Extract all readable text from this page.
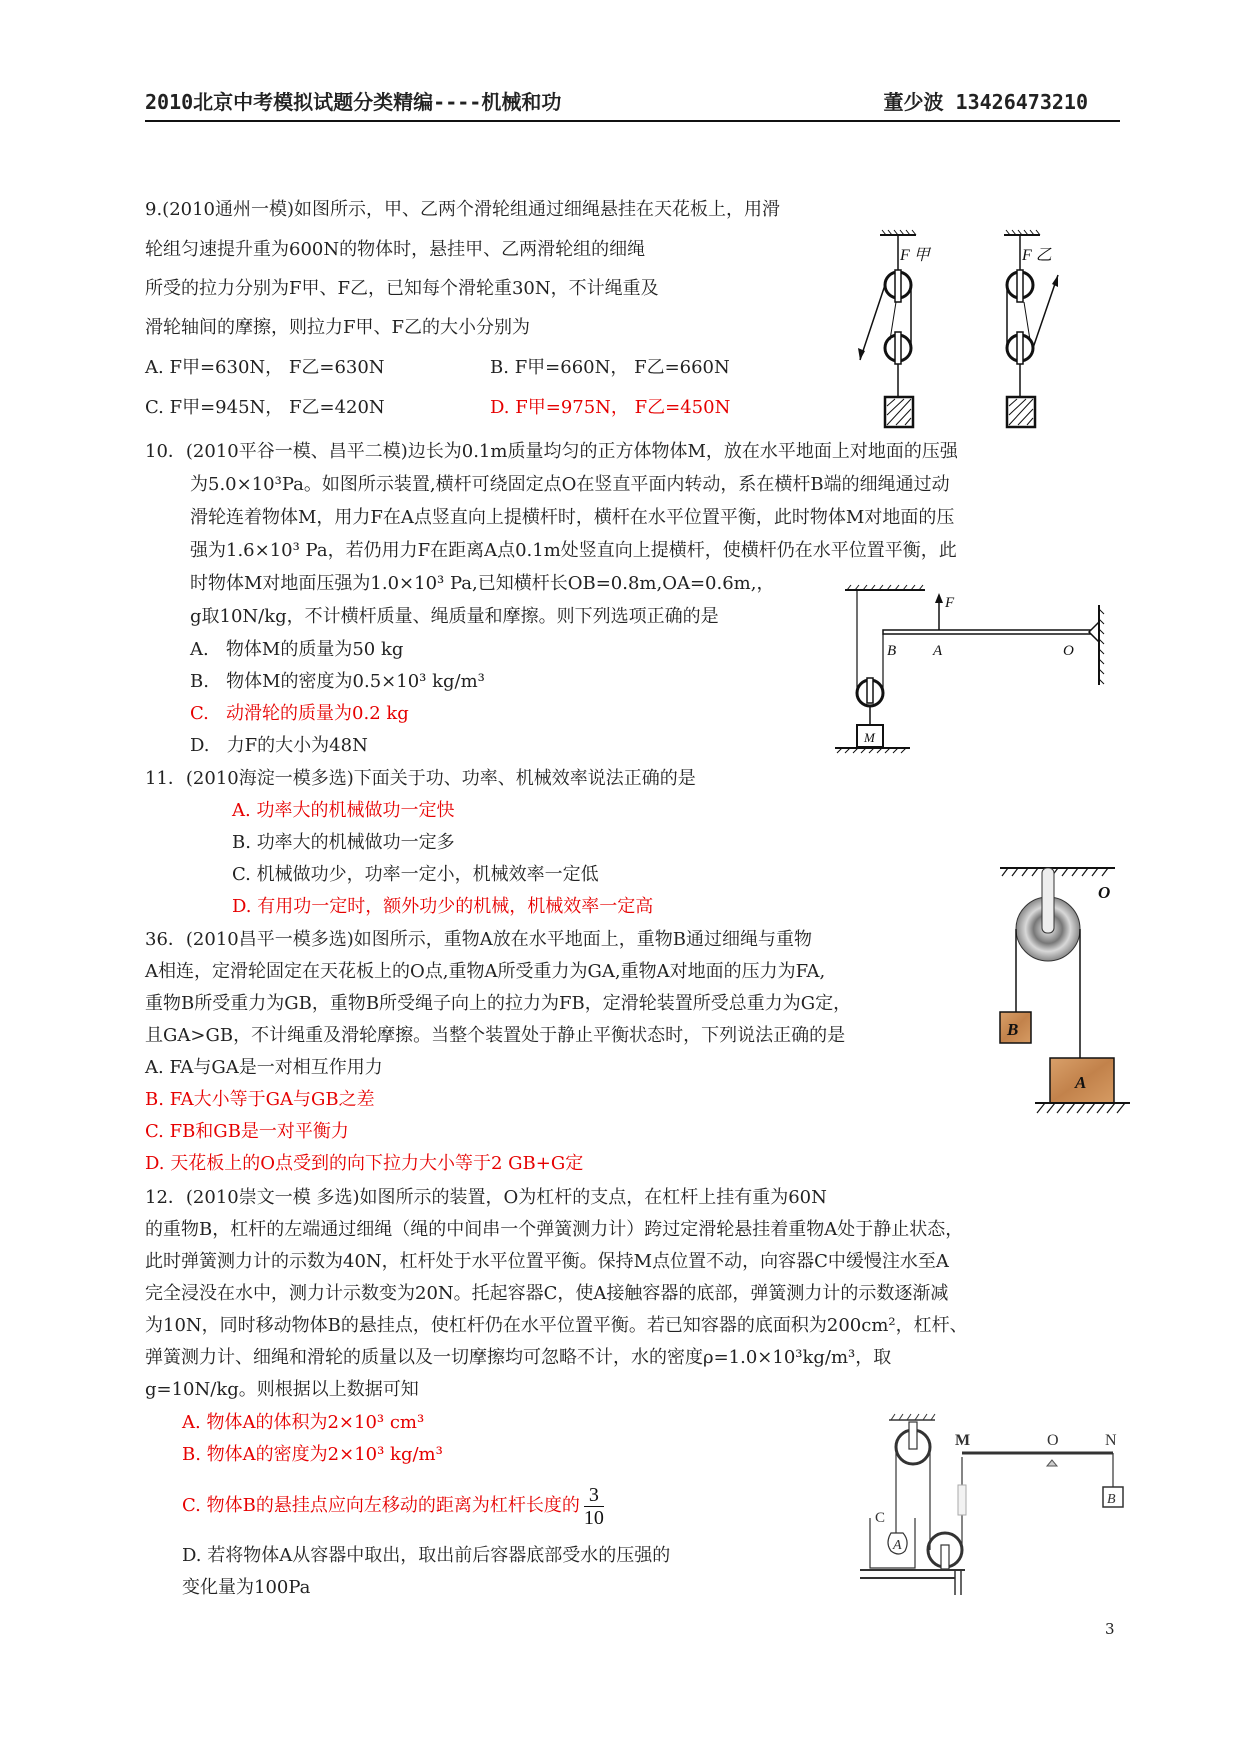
2010北京中考模拟试题分类精编----机械和功	董少波 13426473210
9.(2010通州一模)如图所示，甲、乙两个滑轮组通过细绳悬挂在天花板上，用滑
轮组匀速提升重为600N的物体时，悬挂甲、乙两滑轮组的细绳
所受的拉力分别为F甲、F乙，已知每个滑轮重30N，不计绳重及
滑轮轴间的摩擦，则拉力F甲、F乙的大小分别为
A. F甲=630N， F乙=630N	B. F甲=660N， F乙=660N
C. F甲=945N， F乙=420N	D. F甲=975N， F乙=450N
F 甲	F 乙
10．(2010平谷一模、昌平二模)边长为0.1m质量均匀的正方体物体M，放在水平地面上对地面的压强
为5.0×10³Pa。如图所示装置,横杆可绕固定点O在竖直平面内转动，系在横杆B端的细绳通过动
滑轮连着物体M，用力F在A点竖直向上提横杆时，横杆在水平位置平衡，此时物体M对地面的压
强为1.6×10³ Pa，若仍用力F在距离A点0.1m处竖直向上提横杆，使横杆仍在水平位置平衡，此
时物体M对地面压强为1.0×10³ Pa,已知横杆长OB=0.8m,OA=0.6m,，
g取10N/kg，不计横杆质量、绳质量和摩擦。则下列选项正确的是
A. 物体M的质量为50 kg
B. 物体M的密度为0.5×10³ kg/m³
C. 动滑轮的质量为0.2 kg
D. 力F的大小为48N
F
B A	O
M
11．(2010海淀一模多选)下面关于功、功率、机械效率说法正确的是
A. 功率大的机械做功一定快
B. 功率大的机械做功一定多
C. 机械做功少，功率一定小，机械效率一定低
D. 有用功一定时，额外功少的机械，机械效率一定高
36．(2010昌平一模多选)如图所示，重物A放在水平地面上，重物B通过细绳与重物
A相连，定滑轮固定在天花板上的O点,重物A所受重力为GA,重物A对地面的压力为FA,
重物B所受重力为GB，重物B所受绳子向上的拉力为FB，定滑轮装置所受总重力为G定，
且GA>GB，不计绳重及滑轮摩擦。当整个装置处于静止平衡状态时，下列说法正确的是
A. FA与GA是一对相互作用力
B. FA大小等于GA与GB之差
C. FB和GB是一对平衡力
D. 天花板上的O点受到的向下拉力大小等于2 GB+G定
O
B
A
12．(2010崇文一模 多选)如图所示的装置，O为杠杆的支点，在杠杆上挂有重为60N
的重物B，杠杆的左端通过细绳（绳的中间串一个弹簧测力计）跨过定滑轮悬挂着重物A处于静止状态，
此时弹簧测力计的示数为40N，杠杆处于水平位置平衡。保持M点位置不动，向容器C中缓慢注水至A
完全浸没在水中，测力计示数变为20N。托起容器C，使A接触容器的底部，弹簧测力计的示数逐渐减
为10N，同时移动物体B的悬挂点，使杠杆仍在水平位置平衡。若已知容器的底面积为200cm²，杠杆、
弹簧测力计、细绳和滑轮的质量以及一切摩擦均可忽略不计，水的密度ρ=1.0×10³kg/m³，取
g=10N/kg。则根据以上数据可知
A. 物体A的体积为2×10³ cm³
B. 物体A的密度为2×10³ kg/m³
C. 物体B的悬挂点应向左移动的距离为杠杆长度的 $\frac{3}{10}$
D. 若将物体A从容器中取出，取出前后容器底部受水的压强的
变化量为100Pa
A
C
B
M	O	N
3
